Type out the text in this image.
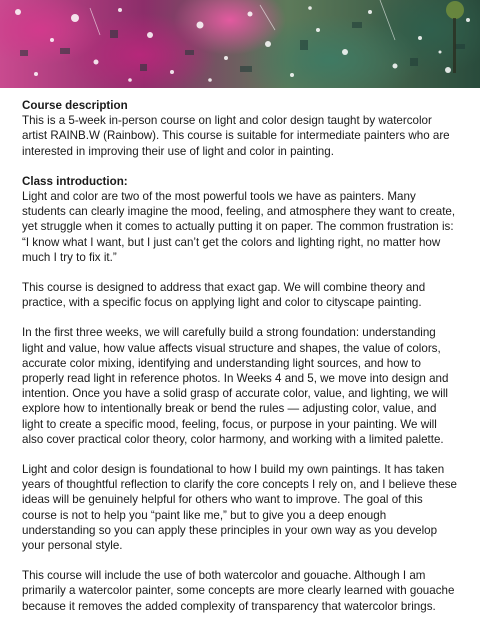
Course description
This is a 5-week in-person course on light and color design taught by watercolor artist RAINB.W (Rainbow). This course is suitable for intermediate painters who are interested in improving their use of light and color in painting.

Class introduction:
Light and color are two of the most powerful tools we have as painters. Many students can clearly imagine the mood, feeling, and atmosphere they want to create, yet struggle when it comes to actually putting it on paper. The common frustration is: “I know what I want, but I just can’t get the colors and lighting right, no matter how much I try to fix it.”

This course is designed to address that exact gap. We will combine theory and practice, with a specific focus on applying light and color to cityscape painting.

In the first three weeks, we will carefully build a strong foundation: understanding light and value, how value affects visual structure and shapes, the value of colors, accurate color mixing, identifying and understanding light sources, and how to properly read light in reference photos. In Weeks 4 and 5, we move into design and intention. Once you have a solid grasp of accurate color, value, and lighting, we will explore how to intentionally break or bend the rules — adjusting color, value, and light to create a specific mood, feeling, focus, or purpose in your painting. We will also cover practical color theory, color harmony, and working with a limited palette.

Light and color design is foundational to how I build my own paintings. It has taken years of thoughtful reflection to clarify the core concepts I rely on, and I believe these ideas will be genuinely helpful for others who want to improve. The goal of this course is not to help you “paint like me,” but to give you a deep enough understanding so you can apply these principles in your own way as you develop your personal style.

This course will include the use of both watercolor and gouache. Although I am primarily a watercolor painter, some concepts are more clearly learned with gouache because it removes the added complexity of transparency that watercolor brings.
